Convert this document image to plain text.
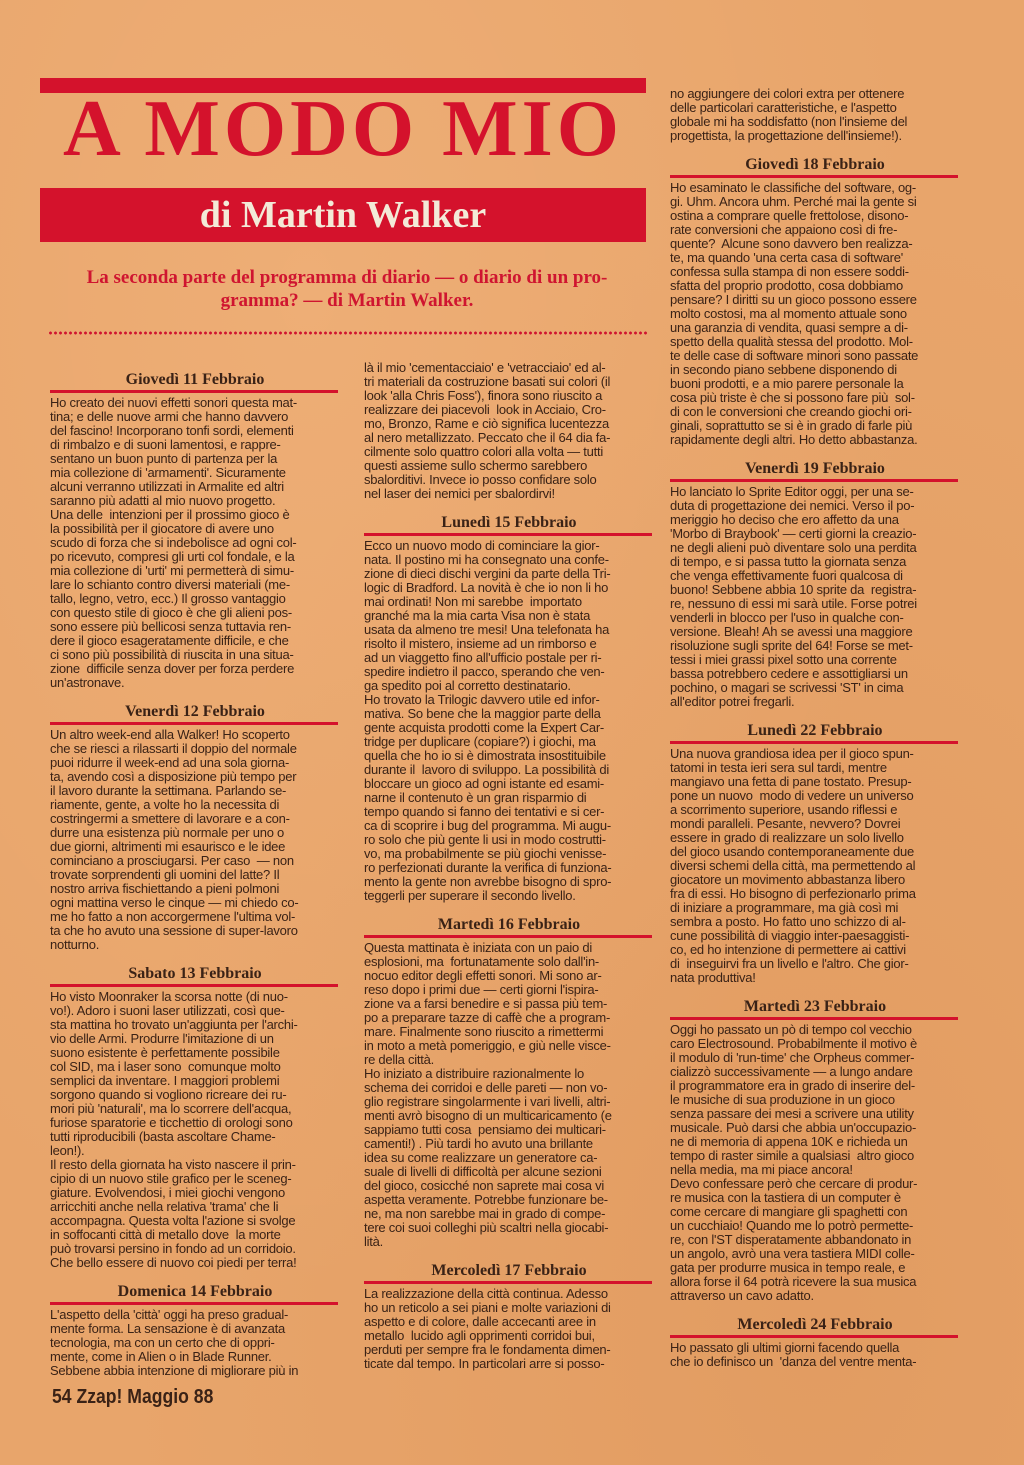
A MODO MIO
di Martin Walker
La seconda parte del programma di diario — o diario di un pro-
gramma? — di Martin Walker.
Giovedì 11 Febbraio
Ho creato dei nuovi effetti sonori questa mat-
tina; e delle nuove armi che hanno davvero
del fascino! Incorporano tonfi sordi, elementi
di rimbalzo e di suoni lamentosi, e rappre-
sentano un buon punto di partenza per la
mia collezione di 'armamenti'. Sicuramente
alcuni verranno utilizzati in Armalite ed altri
saranno più adatti al mio nuovo progetto.
Una delle  intenzioni per il prossimo gioco è
la possibilità per il giocatore di avere uno
scudo di forza che si indebolisce ad ogni col-
po ricevuto, compresi gli urti col fondale, e la
mia collezione di 'urti' mi permetterà di simu-
lare lo schianto contro diversi materiali (me-
tallo, legno, vetro, ecc.) Il grosso vantaggio
con questo stile di gioco è che gli alieni pos-
sono essere più bellicosi senza tuttavia ren-
dere il gioco esageratamente difficile, e che
ci sono più possibilità di riuscita in una situa-
zione  difficile senza dover per forza perdere
un'astronave.
Venerdì 12 Febbraio
Un altro week-end alla Walker! Ho scoperto
che se riesci a rilassarti il doppio del normale
puoi ridurre il week-end ad una sola giorna-
ta, avendo così a disposizione più tempo per
il lavoro durante la settimana. Parlando se-
riamente, gente, a volte ho la necessita di
costringermi a smettere di lavorare e a con-
durre una esistenza più normale per uno o
due giorni, altrimenti mi esaurisco e le idee
cominciano a prosciugarsi. Per caso  — non
trovate sorprendenti gli uomini del latte? Il
nostro arriva fischiettando a pieni polmoni
ogni mattina verso le cinque — mi chiedo co-
me ho fatto a non accorgermene l'ultima vol-
ta che ho avuto una sessione di super-lavoro
notturno.
Sabato 13 Febbraio
Ho visto Moonraker la scorsa notte (di nuo-
vo!). Adoro i suoni laser utilizzati, così que-
sta mattina ho trovato un'aggiunta per l'archi-
vio delle Armi. Produrre l'imitazione di un
suono esistente è perfettamente possibile
col SID, ma i laser sono  comunque molto
semplici da inventare. I maggiori problemi
sorgono quando si vogliono ricreare dei ru-
mori più 'naturali', ma lo scorrere dell'acqua,
furiose sparatorie e ticchettio di orologi sono
tutti riproducibili (basta ascoltare Chame-
leon!).
Il resto della giornata ha visto nascere il prin-
cipio di un nuovo stile grafico per le sceneg-
giature. Evolvendosi, i miei giochi vengono
arricchiti anche nella relativa 'trama' che li
accompagna. Questa volta l'azione si svolge
in soffocanti città di metallo dove  la morte
può trovarsi persino in fondo ad un corridoio.
Che bello essere di nuovo coi piedi per terra!
Domenica 14 Febbraio
L'aspetto della 'città' oggi ha preso gradual-
mente forma. La sensazione è di avanzata
tecnologia, ma con un certo che di oppri-
mente, come in Alien o in Blade Runner.
Sebbene abbia intenzione di migliorare più in
là il mio 'cementacciaio' e 'vetracciaio' ed al-
tri materiali da costruzione basati sui colori (il
look 'alla Chris Foss'), finora sono riuscito a
realizzare dei piacevoli  look in Acciaio, Cro-
mo, Bronzo, Rame e ciò significa lucentezza
al nero metallizzato. Peccato che il 64 dia fa-
cilmente solo quattro colori alla volta — tutti
questi assieme sullo schermo sarebbero
sbalorditivi. Invece io posso confidare solo
nel laser dei nemici per sbalordirvi!
Lunedì 15 Febbraio
Ecco un nuovo modo di cominciare la gior-
nata. Il postino mi ha consegnato una confe-
zione di dieci dischi vergini da parte della Tri-
logic di Bradford. La novità è che io non li ho
mai ordinati! Non mi sarebbe  importato
granché ma la mia carta Visa non è stata
usata da almeno tre mesi! Una telefonata ha
risolto il mistero, insieme ad un rimborso e
ad un viaggetto fino all'ufficio postale per ri-
spedire indietro il pacco, sperando che ven-
ga spedito poi al corretto destinatario.
Ho trovato la Trilogic davvero utile ed infor-
mativa. So bene che la maggior parte della
gente acquista prodotti come la Expert Car-
tridge per duplicare (copiare?) i giochi, ma
quella che ho io si è dimostrata insostituibile
durante il  lavoro di sviluppo. La possibilità di
bloccare un gioco ad ogni istante ed esami-
narne il contenuto è un gran risparmio di
tempo quando si fanno dei tentativi e si cer-
ca di scoprire i bug del programma. Mi augu-
ro solo che più gente li usi in modo costrutti-
vo, ma probabilmente se più giochi venisse-
ro perfezionati durante la verifica di funziona-
mento la gente non avrebbe bisogno di spro-
teggerli per superare il secondo livello.
Martedì 16 Febbraio
Questa mattinata è iniziata con un paio di
esplosioni, ma  fortunatamente solo dall'in-
nocuo editor degli effetti sonori. Mi sono ar-
reso dopo i primi due — certi giorni l'ispira-
zione va a farsi benedire e si passa più tem-
po a preparare tazze di caffè che a program-
mare. Finalmente sono riuscito a rimettermi
in moto a metà pomeriggio, e giù nelle visce-
re della città.
Ho iniziato a distribuire razionalmente lo
schema dei corridoi e delle pareti — non vo-
glio registrare singolarmente i vari livelli, altri-
menti avrò bisogno di un multicaricamento (e
sappiamo tutti cosa  pensiamo dei multicari-
camenti!) . Più tardi ho avuto una brillante
idea su come realizzare un generatore ca-
suale di livelli di difficoltà per alcune sezioni
del gioco, cosicché non saprete mai cosa vi
aspetta veramente. Potrebbe funzionare be-
ne, ma non sarebbe mai in grado di compe-
tere coi suoi colleghi più scaltri nella giocabi-
lità.
Mercoledì 17 Febbraio
La realizzazione della città continua. Adesso
ho un reticolo a sei piani e molte variazioni di
aspetto e di colore, dalle accecanti aree in
metallo  lucido agli opprimenti corridoi bui,
perduti per sempre fra le fondamenta dimen-
ticate dal tempo. In particolari arre si posso-
no aggiungere dei colori extra per ottenere
delle particolari caratteristiche, e l'aspetto
globale mi ha soddisfatto (non l'insieme del
progettista, la progettazione dell'insieme!).
Giovedì 18 Febbraio
Ho esaminato le classifiche del software, og-
gi. Uhm. Ancora uhm. Perché mai la gente si
ostina a comprare quelle frettolose, disono-
rate conversioni che appaiono così di fre-
quente?  Alcune sono davvero ben realizza-
te, ma quando 'una certa casa di software'
confessa sulla stampa di non essere soddi-
sfatta del proprio prodotto, cosa dobbiamo
pensare? I diritti su un gioco possono essere
molto costosi, ma al momento attuale sono
una garanzia di vendita, quasi sempre a di-
spetto della qualità stessa del prodotto. Mol-
te delle case di software minori sono passate
in secondo piano sebbene disponendo di
buoni prodotti, e a mio parere personale la
cosa più triste è che si possono fare più  sol-
di con le conversioni che creando giochi ori-
ginali, soprattutto se si è in grado di farle più
rapidamente degli altri. Ho detto abbastanza.
Venerdì 19 Febbraio
Ho lanciato lo Sprite Editor oggi, per una se-
duta di progettazione dei nemici. Verso il po-
meriggio ho deciso che ero affetto da una
'Morbo di Braybook' — certi giorni la creazio-
ne degli alieni può diventare solo una perdita
di tempo, e si passa tutto la giornata senza
che venga effettivamente fuori qualcosa di
buono! Sebbene abbia 10 sprite da  registra-
re, nessuno di essi mi sarà utile. Forse potrei
venderli in blocco per l'uso in qualche con-
versione. Bleah! Ah se avessi una maggiore
risoluzione sugli sprite del 64! Forse se met-
tessi i miei grassi pixel sotto una corrente
bassa potrebbero cedere e assottigliarsi un
pochino, o magari se scrivessi 'ST' in cima
all'editor potrei fregarli.
Lunedì 22 Febbraio
Una nuova grandiosa idea per il gioco spun-
tatomi in testa ieri sera sul tardi, mentre
mangiavo una fetta di pane tostato. Presup-
pone un nuovo  modo di vedere un universo
a scorrimento superiore, usando riflessi e
mondi paralleli. Pesante, nevvero? Dovrei
essere in grado di realizzare un solo livello
del gioco usando contemporaneamente due
diversi schemi della città, ma permettendo al
giocatore un movimento abbastanza libero
fra di essi. Ho bisogno di perfezionarlo prima
di iniziare a programmare, ma già così mi
sembra a posto. Ho fatto uno schizzo di al-
cune possibilità di viaggio inter-paesaggisti-
co, ed ho intenzione di permettere ai cattivi
di  inseguirvi fra un livello e l'altro. Che gior-
nata produttiva!
Martedì 23 Febbraio
Oggi ho passato un pò di tempo col vecchio
caro Electrosound. Probabilmente il motivo è
il modulo di 'run-time' che Orpheus commer-
cializzò successivamente — a lungo andare
il programmatore era in grado di inserire del-
le musiche di sua produzione in un gioco
senza passare dei mesi a scrivere una utility
musicale. Può darsi che abbia un'occupazio-
ne di memoria di appena 10K e richieda un
tempo di raster simile a qualsiasi  altro gioco
nella media, ma mi piace ancora!
Devo confessare però che cercare di produr-
re musica con la tastiera di un computer è
come cercare di mangiare gli spaghetti con
un cucchiaio! Quando me lo potrò permette-
re, con l'ST disperatamente abbandonato in
un angolo, avrò una vera tastiera MIDI colle-
gata per produrre musica in tempo reale, e
allora forse il 64 potrà ricevere la sua musica
attraverso un cavo adatto.
Mercoledì 24 Febbraio
Ho passato gli ultimi giorni facendo quella
che io definisco un  'danza del ventre menta-
54 Zzap! Maggio 88
